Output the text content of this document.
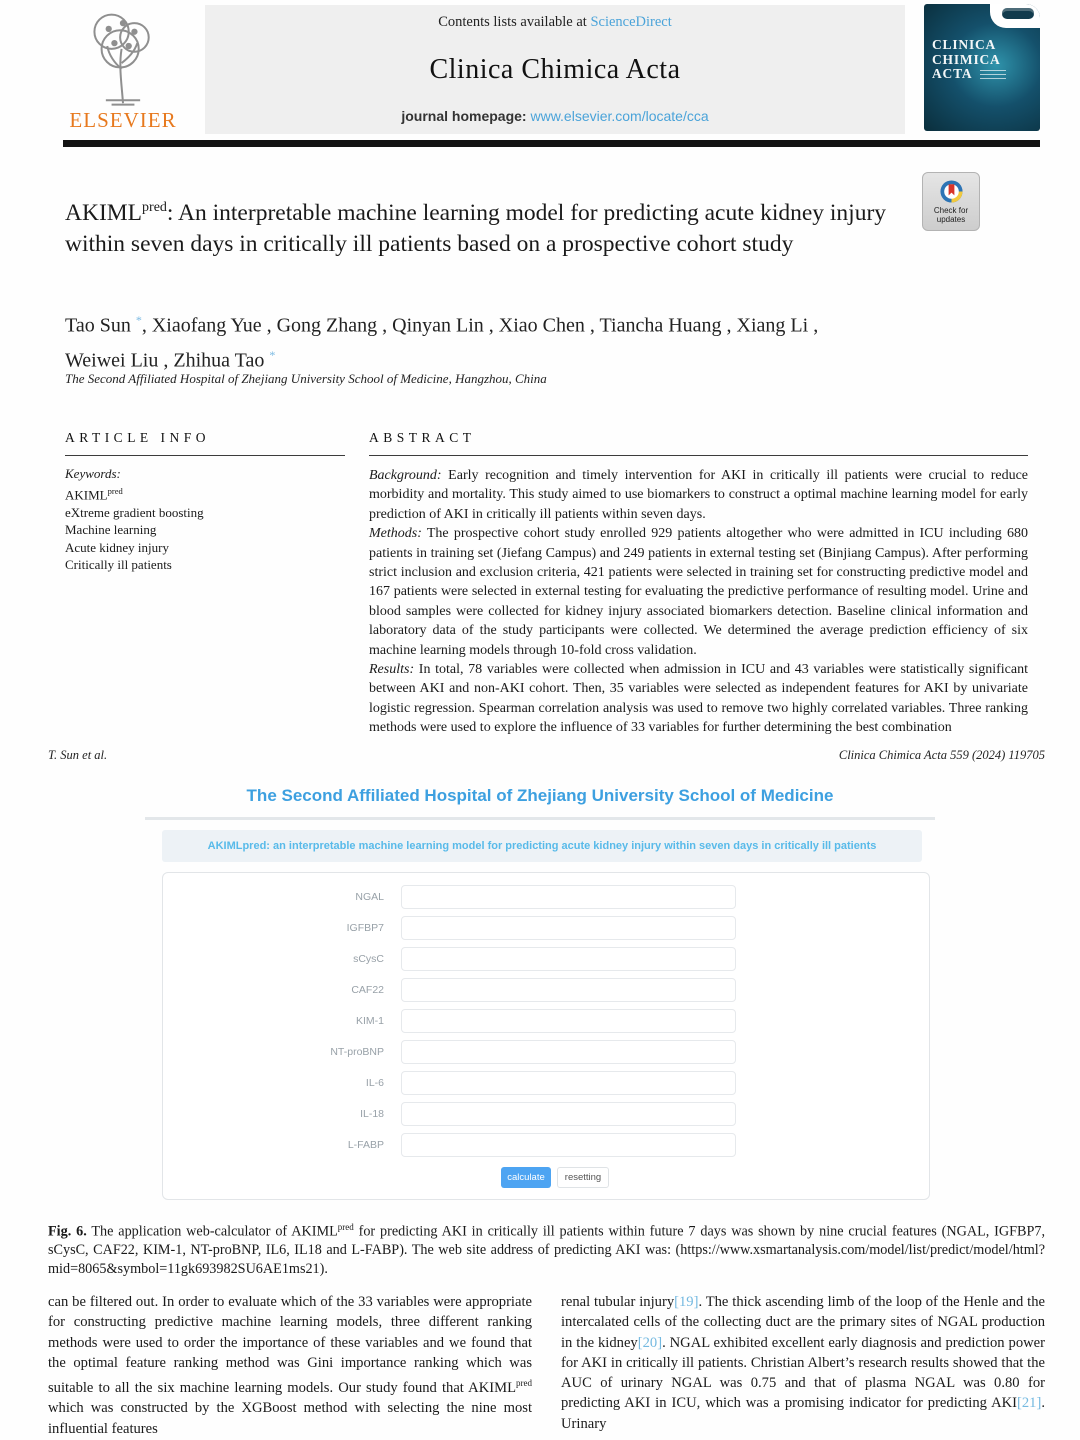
ELSEVIER
Contents lists available at ScienceDirect
Clinica Chimica Acta
journal homepage: www.elsevier.com/locate/cca
CLINICA
CHIMICA
ACTA
$AKIML^{pred}$: An interpretable machine learning model for predicting acute kidney injury within seven days in critically ill patients based on a prospective cohort study
Check for
updates
Tao Sun *, Xiaofang Yue , Gong Zhang , Qinyan Lin , Xiao Chen , Tiancha Huang , Xiang Li ,
Weiwei Liu , Zhihua Tao *
The Second Affiliated Hospital of Zhejiang University School of Medicine, Hangzhou, China
ARTICLE INFO
Keywords:
$AKIML^{pred}$
eXtreme gradient boosting
Machine learning
Acute kidney injury
Critically ill patients
ABSTRACT

Background: Early recognition and timely intervention for AKI in critically ill patients were crucial to reduce morbidity and mortality. This study aimed to use biomarkers to construct a optimal machine learning model for early prediction of AKI in critically ill patients within seven days.

Methods: The prospective cohort study enrolled 929 patients altogether who were admitted in ICU including 680 patients in training set (Jiefang Campus) and 249 patients in external testing set (Binjiang Campus). After performing strict inclusion and exclusion criteria, 421 patients were selected in training set for constructing predictive model and 167 patients were selected in external testing for evaluating the predictive performance of resulting model. Urine and blood samples were collected for kidney injury associated biomarkers detection. Baseline clinical information and laboratory data of the study participants were collected. We determined the average prediction efficiency of six machine learning models through 10-fold cross validation.

Results: In total, 78 variables were collected when admission in ICU and 43 variables were statistically significant between AKI and non-AKI cohort. Then, 35 variables were selected as independent features for AKI by univariate logistic regression. Spearman correlation analysis was used to remove two highly correlated variables. Three ranking methods were used to explore the influence of 33 variables for further determining the best combination

T. Sun et al.	Clinica Chimica Acta 559 (2024) 119705
The Second Affiliated Hospital of Zhejiang University School of Medicine
AKIMLpred: an interpretable machine learning model for predicting acute kidney injury within seven days in critically ill patients
NGAL
IGFBP7
sCysC
CAF22
KIM-1
NT-proBNP
IL-6
IL-18
L-FABP
calculate	resetting
Fig. 6. The application web-calculator of $AKIML^{pred}$ for predicting AKI in critically ill patients within future 7 days was shown by nine crucial features (NGAL, IGFBP7, sCysC, CAF22, KIM-1, NT-proBNP, IL6, IL18 and L-FABP). The web site address of predicting AKI was: (https://www.xsmartanalysis.com/model/list/predict/model/html?mid=8065&symbol=11gk693982SU6AE1ms21).

can be filtered out. In order to evaluate which of the 33 variables were appropriate for constructing predictive machine learning models, three different ranking methods were used to order the importance of these variables and we found that the optimal feature ranking method was Gini importance ranking which was suitable to all the six machine learning models. Our study found that $AKIML^{pred}$ which was constructed by the XGBoost method with selecting the nine most influential features

renal tubular injury[19]. The thick ascending limb of the loop of the Henle and the intercalated cells of the collecting duct are the primary sites of NGAL production in the kidney[20]. NGAL exhibited excellent early diagnosis and prediction power for AKI in critically ill patients. Christian Albert’s research results showed that the AUC of urinary NGAL was 0.75 and that of plasma NGAL was 0.80 for predicting AKI in ICU, which was a promising indicator for predicting AKI[21]. Urinary
